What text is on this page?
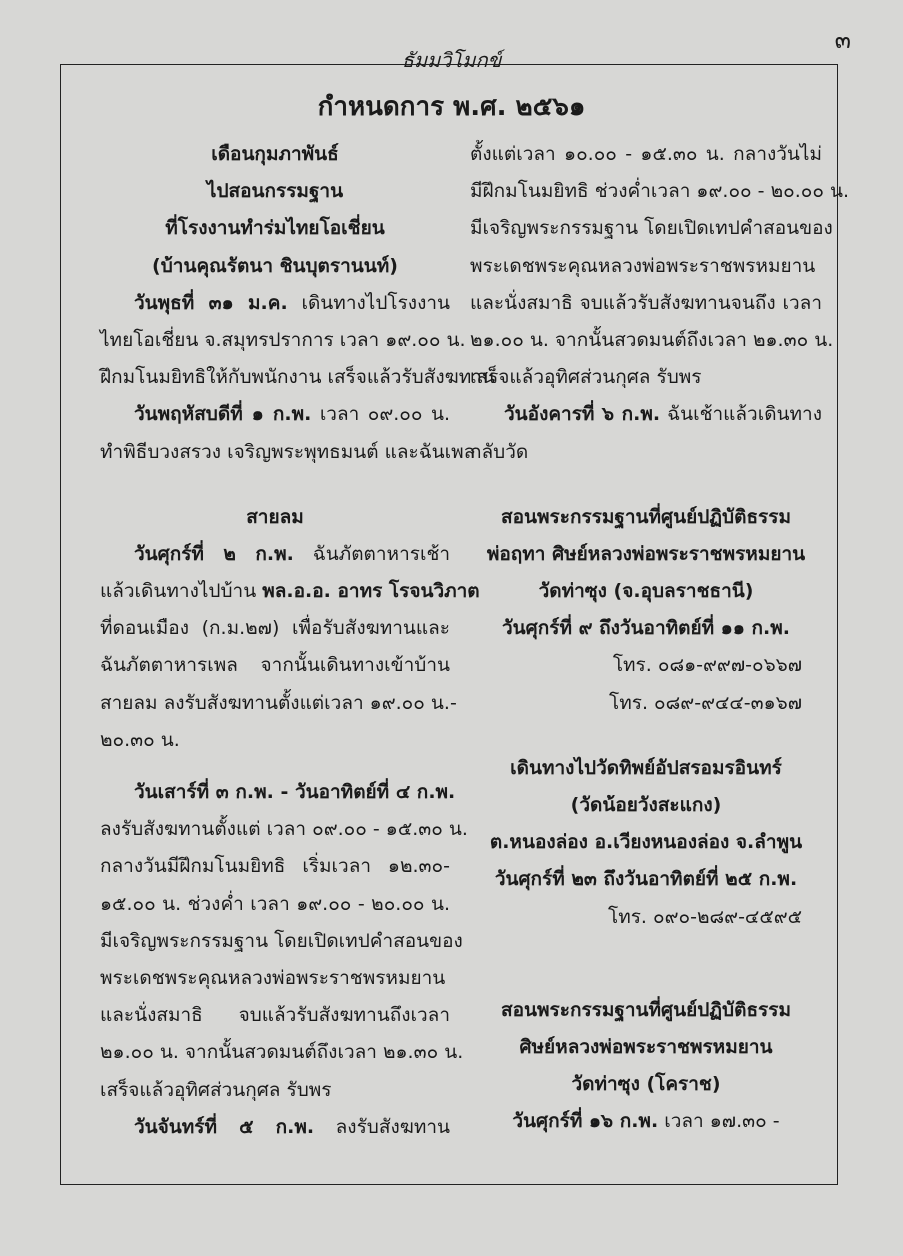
๓
ธัมมวิโมกข์
กำหนดการ พ.ศ. ๒๕๖๑
เดือนกุมภาพันธ์
ไปสอนกรรมฐาน
ที่โรงงานทำร่มไทยโอเชี่ยน
(บ้านคุณรัตนา ชินบุตรานนท์)
วันพุธที่ ๓๑ ม.ค. เดินทางไปโรงงาน
ไทยโอเชี่ยน จ.สมุทรปราการ เวลา ๑๙.๐๐ น.
ฝึกมโนมยิทธิให้กับพนักงาน เสร็จแล้วรับสังฆทาน
วันพฤหัสบดีที่ ๑ ก.พ. เวลา ๐๙.๐๐ น.
ทำพิธีบวงสรวง เจริญพระพุทธมนต์ และฉันเพล
สายลม
วันศุกร์ที่ ๒ ก.พ. ฉันภัตตาหารเช้า
แล้วเดินทางไปบ้าน พล.อ.อ. อาทร โรจนวิภาต
ที่ดอนเมือง (ก.ม.๒๗) เพื่อรับสังฆทานและ
ฉันภัตตาหารเพล จากนั้นเดินทางเข้าบ้าน
สายลม ลงรับสังฆทานตั้งแต่เวลา ๑๙.๐๐ น.-
๒๐.๓๐ น.
วันเสาร์ที่ ๓ ก.พ. - วันอาทิตย์ที่ ๔ ก.พ.
ลงรับสังฆทานตั้งแต่ เวลา ๐๙.๐๐ - ๑๕.๓๐ น.
กลางวันมีฝึกมโนมยิทธิ เริ่มเวลา ๑๒.๓๐-
๑๕.๐๐ น. ช่วงค่ำ เวลา ๑๙.๐๐ - ๒๐.๐๐ น.
มีเจริญพระกรรมฐาน โดยเปิดเทปคำสอนของ
พระเดชพระคุณหลวงพ่อพระราชพรหมยาน
และนั่งสมาธิ จบแล้วรับสังฆทานถึงเวลา
๒๑.๐๐ น. จากนั้นสวดมนต์ถึงเวลา ๒๑.๓๐ น.
เสร็จแล้วอุทิศส่วนกุศล รับพร
วันจันทร์ที่ ๕ ก.พ. ลงรับสังฆทาน
ตั้งแต่เวลา ๑๐.๐๐ - ๑๕.๓๐ น. กลางวันไม่
มีฝึกมโนมยิทธิ ช่วงค่ำเวลา ๑๙.๐๐ - ๒๐.๐๐ น.
มีเจริญพระกรรมฐาน โดยเปิดเทปคำสอนของ
พระเดชพระคุณหลวงพ่อพระราชพรหมยาน
และนั่งสมาธิ จบแล้วรับสังฆทานจนถึง เวลา
๒๑.๐๐ น. จากนั้นสวดมนต์ถึงเวลา ๒๑.๓๐ น.
เสร็จแล้วอุทิศส่วนกุศล รับพร
วันอังคารที่ ๖ ก.พ. ฉันเช้าแล้วเดินทาง
กลับวัด
สอนพระกรรมฐานที่ศูนย์ปฏิบัติธรรม
พ่อฤทา ศิษย์หลวงพ่อพระราชพรหมยาน
วัดท่าซุง (จ.อุบลราชธานี)
วันศุกร์ที่ ๙ ถึงวันอาทิตย์ที่ ๑๑ ก.พ.
โทร. ๐๘๑-๙๙๗-๐๖๖๗
โทร. ๐๘๙-๙๔๔-๓๑๖๗
เดินทางไปวัดทิพย์อัปสรอมรอินทร์
(วัดน้อยวังสะแกง)
ต.หนองล่อง อ.เวียงหนองล่อง จ.ลำพูน
วันศุกร์ที่ ๒๓ ถึงวันอาทิตย์ที่ ๒๕ ก.พ.
โทร. ๐๙๐-๒๘๙-๔๕๙๕
สอนพระกรรมฐานที่ศูนย์ปฏิบัติธรรม
ศิษย์หลวงพ่อพระราชพรหมยาน
วัดท่าซุง (โคราช)
วันศุกร์ที่ ๑๖ ก.พ. เวลา ๑๗.๓๐ -
